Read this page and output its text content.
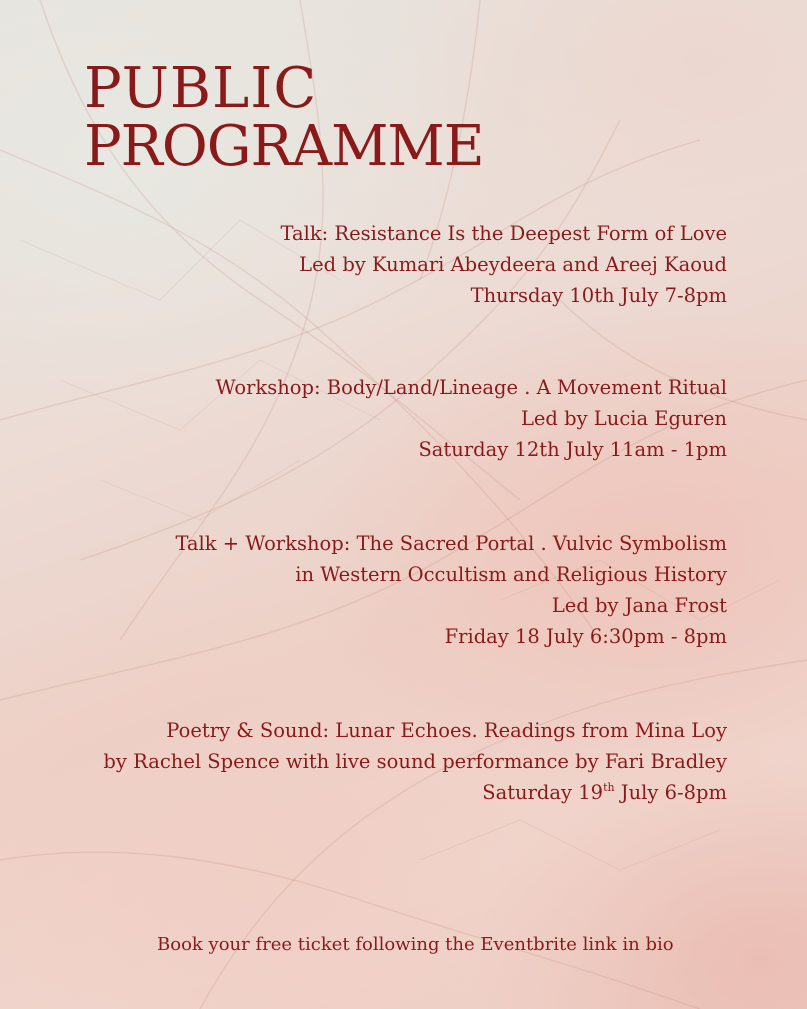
PUBLIC
PROGRAMME
Talk: Resistance Is the Deepest Form of Love
Led by Kumari Abeydeera and Areej Kaoud
Thursday 10th July 7-8pm
Workshop: Body/Land/Lineage . A Movement Ritual
Led by Lucia Eguren
Saturday 12th July 11am - 1pm
Talk + Workshop: The Sacred Portal . Vulvic Symbolism
in Western Occultism and Religious History
Led by Jana Frost
Friday 18 July 6:30pm - 8pm
Poetry & Sound: Lunar Echoes. Readings from Mina Loy
by Rachel Spence with live sound performance by Fari Bradley
Saturday 19th July 6-8pm
Book your free ticket following the Eventbrite link in bio
